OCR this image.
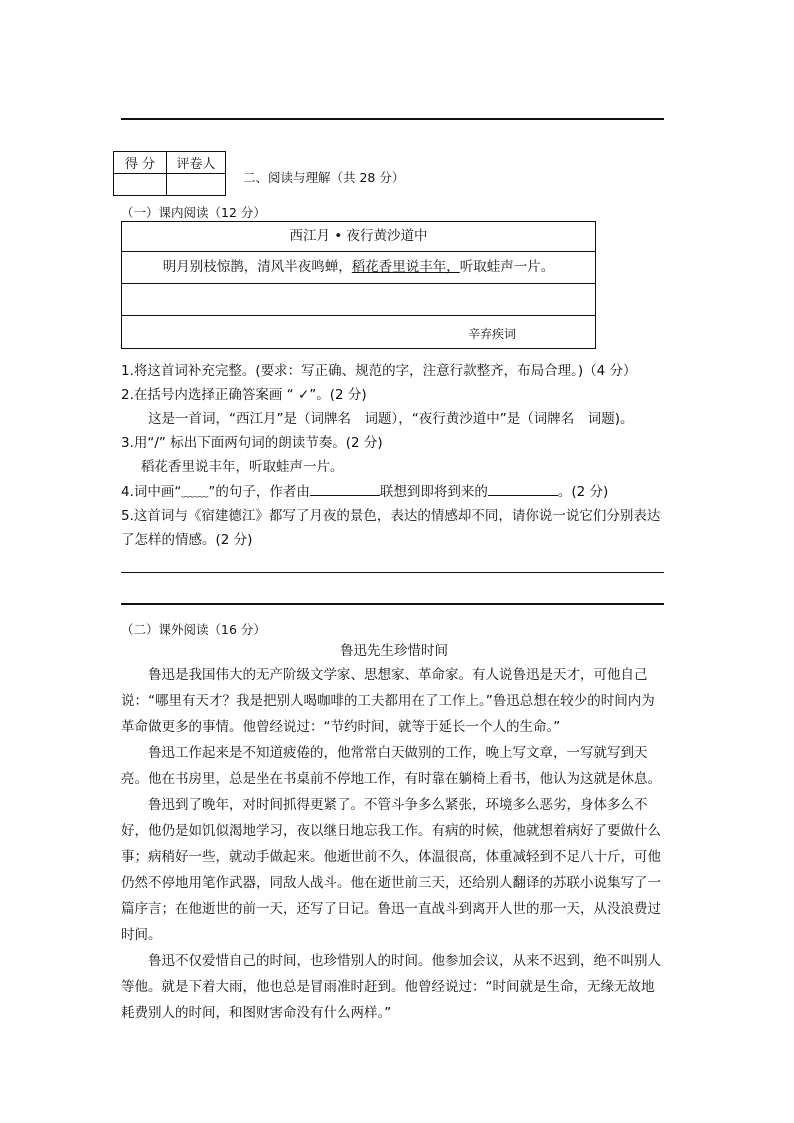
得 分	评卷人

二、阅读与理解（共 28 分）
（一）课内阅读（12 分）
西江月 • 夜行黄沙道中
明月别枝惊鹊，清风半夜鸣蝉，稻花香里说丰年，听取蛙声一片。
辛弃疾词
1.将这首词补充完整。(要求：写正确、规范的字，注意行款整齐，布局合理。)（4 分）
2.在括号内选择正确答案画 “ ✓”。(2 分)
这是一首词，“西江月”是（词牌名　词题），“夜行黄沙道中”是（词牌名　词题)。
3.用“/” 标出下面两句词的朗读节奏。(2 分)
稻花香里说丰年，听取蛙声一片。
4.词中画“﹏﹏”的句子，作者由	联想到即将到来的	。(2 分)
5.这首词与《宿建德江》都写了月夜的景色，表达的情感却不同，请你说一说它们分别表达
了怎样的情感。(2 分)
（二）课外阅读（16 分）
鲁迅先生珍惜时间

鲁迅是我国伟大的无产阶级文学家、思想家、革命家。有人说鲁迅是天才，可他自己说：“哪里有天才？我是把别人喝咖啡的工夫都用在了工作上。”鲁迅总想在较少的时间内为革命做更多的事情。他曾经说过：“节约时间，就等于延长一个人的生命。”

鲁迅工作起来是不知道疲倦的，他常常白天做别的工作，晚上写文章，一写就写到天亮。他在书房里，总是坐在书桌前不停地工作，有时靠在躺椅上看书，他认为这就是休息。

鲁迅到了晚年，对时间抓得更紧了。不管斗争多么紧张，环境多么恶劣，身体多么不好，他仍是如饥似渴地学习，夜以继日地忘我工作。有病的时候，他就想着病好了要做什么事；病稍好一些，就动手做起来。他逝世前不久，体温很高，体重减轻到不足八十斤，可他仍然不停地用笔作武器，同敌人战斗。他在逝世前三天，还给别人翻译的苏联小说集写了一篇序言；在他逝世的前一天，还写了日记。鲁迅一直战斗到离开人世的那一天，从没浪费过时间。

鲁迅不仅爱惜自己的时间，也珍惜别人的时间。他参加会议，从来不迟到，绝不叫别人等他。就是下着大雨，他也总是冒雨准时赶到。他曾经说过：“时间就是生命，无缘无故地耗费别人的时间，和图财害命没有什么两样。”
